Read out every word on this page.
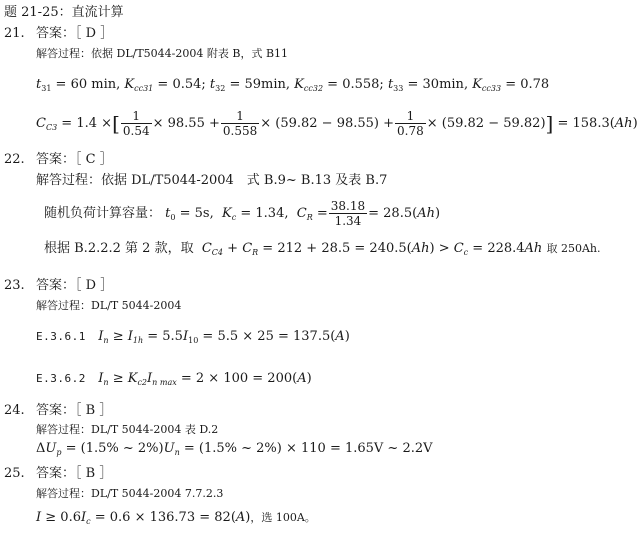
题 21-25：直流计算
21. 答案：［ D ］
解答过程：依据 DL/T5044-2004 附表 B，式 B11
$t_{31} = 60$ min, $K_{cc31} = 0.54$; $t_{32} = 59\min$, $K_{cc32} = 0.558$; $t_{33} = 30\min$, $K_{cc33} = 0.78$
$C_{C3} = 1.4$ ×[ $\frac{1}{0.54} \times 98.55 + \frac{1}{0.558} \times (59.82 - 98.55) + \frac{1}{0.78} \times (59.82 - 59.82)] = 158.3(Ah)$
22. 答案：［ C ］
解答过程：依据 DL/T5044-2004　式 B.9~ B.13 及表 B.7
随机负荷计算容量： $t_0 = 5s$,  $K_c = 1.34$,  $C_R = \frac{38.18}{1.34} = 28.5(Ah)$
根据 B.2.2.2 第 2 款，取 $C_{C4} + C_R = 212 + 28.5 = 240.5(Ah) > C_c = 228.4Ah$ 取 250Ah.
23. 答案：［ D ］
解答过程：DL/T 5044-2004
E.3.6.1 $I_n \ge I_{1h} = 5.5I_{10} = 5.5 \times 25 = 137.5(A)$
E.3.6.2 $I_n \ge K_{c2}I_{n max} = 2 \times 100 = 200(A)$
24. 答案：［ B ］
解答过程：DL/T 5044-2004 表 D.2
$\Delta U_p = (1.5\%$ ~ $2\%)U_n = (1.5\%$ ~ 2%) × 110 = 1.65V ~ 2.2V
25. 答案：［ B ］
解答过程：DL/T 5044-2004 7.7.2.3
$I \ge 0.6I_c = 0.6 \times 136.73 = 82(A)$，选 100A。
